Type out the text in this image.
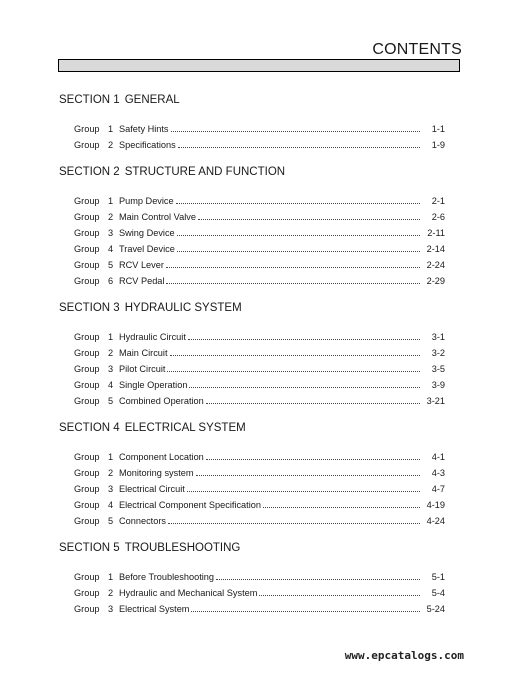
CONTENTS
SECTION 1 GENERAL
Group 1 Safety Hints	1-1
Group 2 Specifications	1-9
SECTION 2 STRUCTURE AND FUNCTION
Group 1 Pump Device	2-1
Group 2 Main Control Valve	2-6
Group 3 Swing Device	2-11
Group 4 Travel Device	2-14
Group 5 RCV Lever	2-24
Group 6 RCV Pedal	2-29
SECTION 3 HYDRAULIC SYSTEM
Group 1 Hydraulic Circuit	3-1
Group 2 Main Circuit	3-2
Group 3 Pilot Circuit	3-5
Group 4 Single Operation	3-9
Group 5 Combined Operation	3-21
SECTION 4 ELECTRICAL SYSTEM
Group 1 Component Location	4-1
Group 2 Monitoring system	4-3
Group 3 Electrical Circuit	4-7
Group 4 Electrical Component Specification	4-19
Group 5 Connectors	4-24
SECTION 5 TROUBLESHOOTING
Group 1 Before Troubleshooting	5-1
Group 2 Hydraulic and Mechanical System	5-4
Group 3 Electrical System	5-24
www.epcatalogs.com
